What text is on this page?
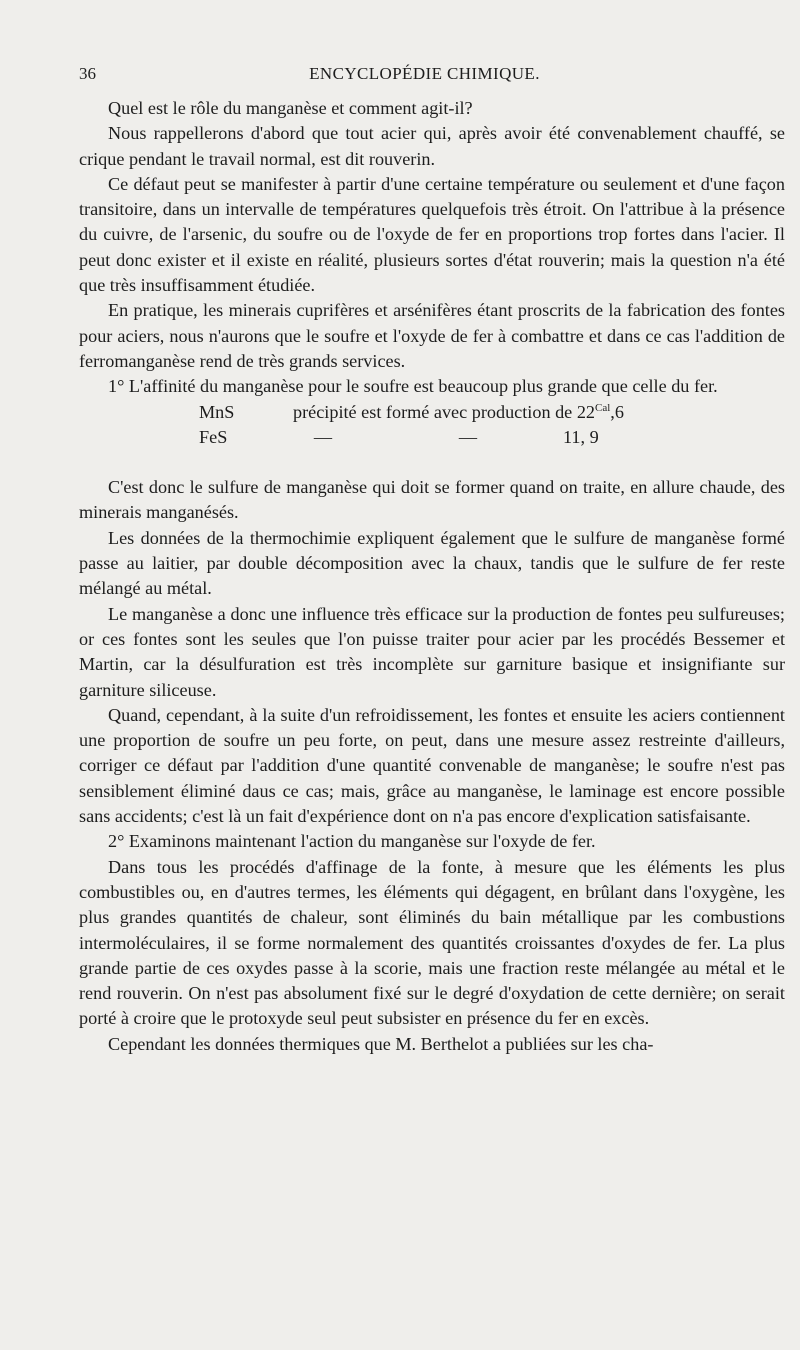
36	ENCYCLOPÉDIE CHIMIQUE.

Quel est le rôle du manganèse et comment agit-il?

Nous rappellerons d'abord que tout acier qui, après avoir été convenablement chauffé, se crique pendant le travail normal, est dit rouverin.

Ce défaut peut se manifester à partir d'une certaine température ou seulement et d'une façon transitoire, dans un intervalle de températures quelquefois très étroit. On l'attribue à la présence du cuivre, de l'arsenic, du soufre ou de l'oxyde de fer en proportions trop fortes dans l'acier. Il peut donc exister et il existe en réalité, plusieurs sortes d'état rouverin; mais la question n'a été que très insuffisamment étudiée.

En pratique, les minerais cuprifères et arsénifères étant proscrits de la fabrication des fontes pour aciers, nous n'aurons que le soufre et l'oxyde de fer à combattre et dans ce cas l'addition de ferromanganèse rend de très grands services.

1° L'affinité du manganèse pour le soufre est beaucoup plus grande que celle du fer.

MnS	précipité est formé avec production de $22^{Cal},6$
FeS	—	—	11, 9

C'est donc le sulfure de manganèse qui doit se former quand on traite, en allure chaude, des minerais manganésés.

Les données de la thermochimie expliquent également que le sulfure de manganèse formé passe au laitier, par double décomposition avec la chaux, tandis que le sulfure de fer reste mélangé au métal.

Le manganèse a donc une influence très efficace sur la production de fontes peu sulfureuses; or ces fontes sont les seules que l'on puisse traiter pour acier par les procédés Bessemer et Martin, car la désulfuration est très incomplète sur garniture basique et insignifiante sur garniture siliceuse.

Quand, cependant, à la suite d'un refroidissement, les fontes et ensuite les aciers contiennent une proportion de soufre un peu forte, on peut, dans une mesure assez restreinte d'ailleurs, corriger ce défaut par l'addition d'une quantité convenable de manganèse; le soufre n'est pas sensiblement éliminé daus ce cas; mais, grâce au manganèse, le laminage est encore possible sans accidents; c'est là un fait d'expérience dont on n'a pas encore d'explication satisfaisante.

2° Examinons maintenant l'action du manganèse sur l'oxyde de fer.

Dans tous les procédés d'affinage de la fonte, à mesure que les éléments les plus combustibles ou, en d'autres termes, les éléments qui dégagent, en brûlant dans l'oxygène, les plus grandes quantités de chaleur, sont éliminés du bain métallique par les combustions intermoléculaires, il se forme normalement des quantités croissantes d'oxydes de fer. La plus grande partie de ces oxydes passe à la scorie, mais une fraction reste mélangée au métal et le rend rouverin. On n'est pas absolument fixé sur le degré d'oxydation de cette dernière; on serait porté à croire que le protoxyde seul peut subsister en présence du fer en excès.

Cependant les données thermiques que M. Berthelot a publiées sur les cha-
